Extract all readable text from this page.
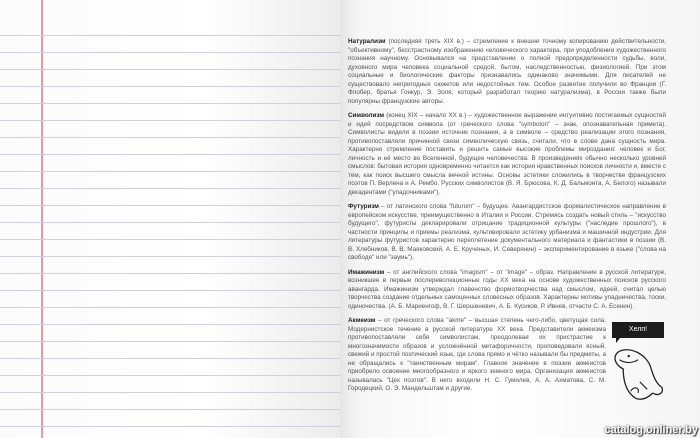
Натурализм (последняя треть XIX в.) – стремление к внешне точному копированию действительности, "объективному", бесстрастному изображению человеческого характера, при уподоблении художественного познания научному. Основывался на представлении о полной предопределенности судьбы, воли, духовного мира человека социальной средой, бытом, наследственностью, физиологией. При этом социальные и биологические факторы признавались одинаково значимыми. Для писателей не существовало непригодных сюжетов или недостойных тем. Особое развитие получили во Франции (Г. Флобер, братья Гонкур, Э. Золя, который разработал теорию натурализма), в России также были популярны французские авторы.

Символизм (конец XIX – начало XX в.) – художественное выражение интуитивно постигаемых сущностей и идей посредством символа (от греческого слова "symbolon" – знак, опознавательная примета). Символисты видели в поэзии источник познания, а в символе – средство реализации этого познания, противопоставляли причинной связи символическую связь, считали, что в слове дана сущность мира. Характерно стремление поставить и решить самые высокие проблемы мироздания: человек и Бог, личность и её место во Вселенной, будущее человечества. В произведениях обычно несколько уровней смыслов: бытовая история одновременно читается как история нравственных поисков личности и, вместе с тем, как поиск высшего смысла вечной истины. Основы эстетики сложились в творчестве французских поэтов П. Верлена и А. Рембо. Русских символистов (В. Я. Брюсова, К. Д. Бальмонта, А. Белого) называли декадентами ("упадочниками").

Футуризм – от латинского слова "futurum" – будущее. Авангардистское формалистическое направление в европейском искусстве, преимущественно в Италии и России. Стремясь создать новый стиль – "искусство будущего", футуристы декларировали отрицание традиционной культуры ("наследие прошлого"), в частности принципы и приемы реализма, культивировали эстетику урбанизма и машинной индустрии. Для литературы футуристов характерно переплетение документального материала и фантастики в поэзии (В. В. Хлебников, В. В. Маяковский, А. Е. Крученых, И. Северянин) – экспериментирование в языке ("слова на свободе" или "заумь").

Имажинизм – от английского слова "imagism" – от "image" – образ. Направление в русской литературе, возникшее в первые послереволюционные годы XX века на основе художественных поисков русского авангарда. Имажинизм утверждал главенство формотворчества над смыслом, идеей, считал целью творчества создание отдельных самоценных словесных образов. Характерны мотивы упадничества, тоски, одиночества. (А. Б. Мариенгоф, В. Г. Шершеневич, А. Б. Кусиков, Р. Ивнев, отчасти С. А. Есенин).

Акмеизм – от греческого слова "akme" – высшая степень чего-либо, цветущая сила. Модернистское течение в русской литературе XX века. Представители акмеизма противопоставляли себя символистам, преодолевая их пристрастие к многозначимости образов и усложнённой метафоричности, проповедовали ясный, свежий и простой поэтический язык, где слова прямо и чётко называли бы предметы, а не обращались к "таинственным мирам". Главное значение в поэзии акмеистов приобрело освоение многообразного и яркого земного мира. Организация акмеистов называлась "Цех поэтов". В него входили Н. С. Гумилев, А. А. Ахматова, С. М. Городецкий, О. Э. Мандельштам и другие.

Хелп!
catalog.onliner.by
